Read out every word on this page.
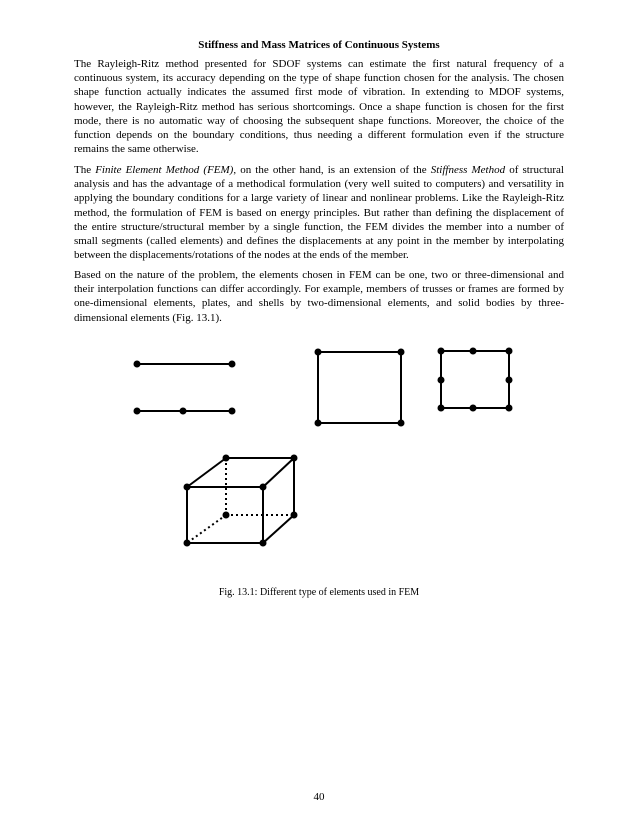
Stiffness and Mass Matrices of Continuous Systems

The Rayleigh-Ritz method presented for SDOF systems can estimate the first natural frequency of a continuous system, its accuracy depending on the type of shape function chosen for the analysis. The chosen shape function actually indicates the assumed first mode of vibration. In extending to MDOF systems, however, the Rayleigh-Ritz method has serious shortcomings. Once a shape function is chosen for the first mode, there is no automatic way of choosing the subsequent shape functions. Moreover, the choice of the function depends on the boundary conditions, thus needing a different formulation even if the structure remains the same otherwise.

The Finite Element Method (FEM), on the other hand, is an extension of the Stiffness Method of structural analysis and has the advantage of a methodical formulation (very well suited to computers) and versatility in applying the boundary conditions for a large variety of linear and nonlinear problems. Like the Rayleigh-Ritz method, the formulation of FEM is based on energy principles. But rather than defining the displacement of the entire structure/structural member by a single function, the FEM divides the member into a number of small segments (called elements) and defines the displacements at any point in the member by interpolating between the displacements/rotations of the nodes at the ends of the member.

Based on the nature of the problem, the elements chosen in FEM can be one, two or three-dimensional and their interpolation functions can differ accordingly. For example, members of trusses or frames are formed by one-dimensional elements, plates, and shells by two-dimensional elements, and solid bodies by three-dimensional elements (Fig. 13.1).

Fig. 13.1: Different type of elements used in FEM
40
